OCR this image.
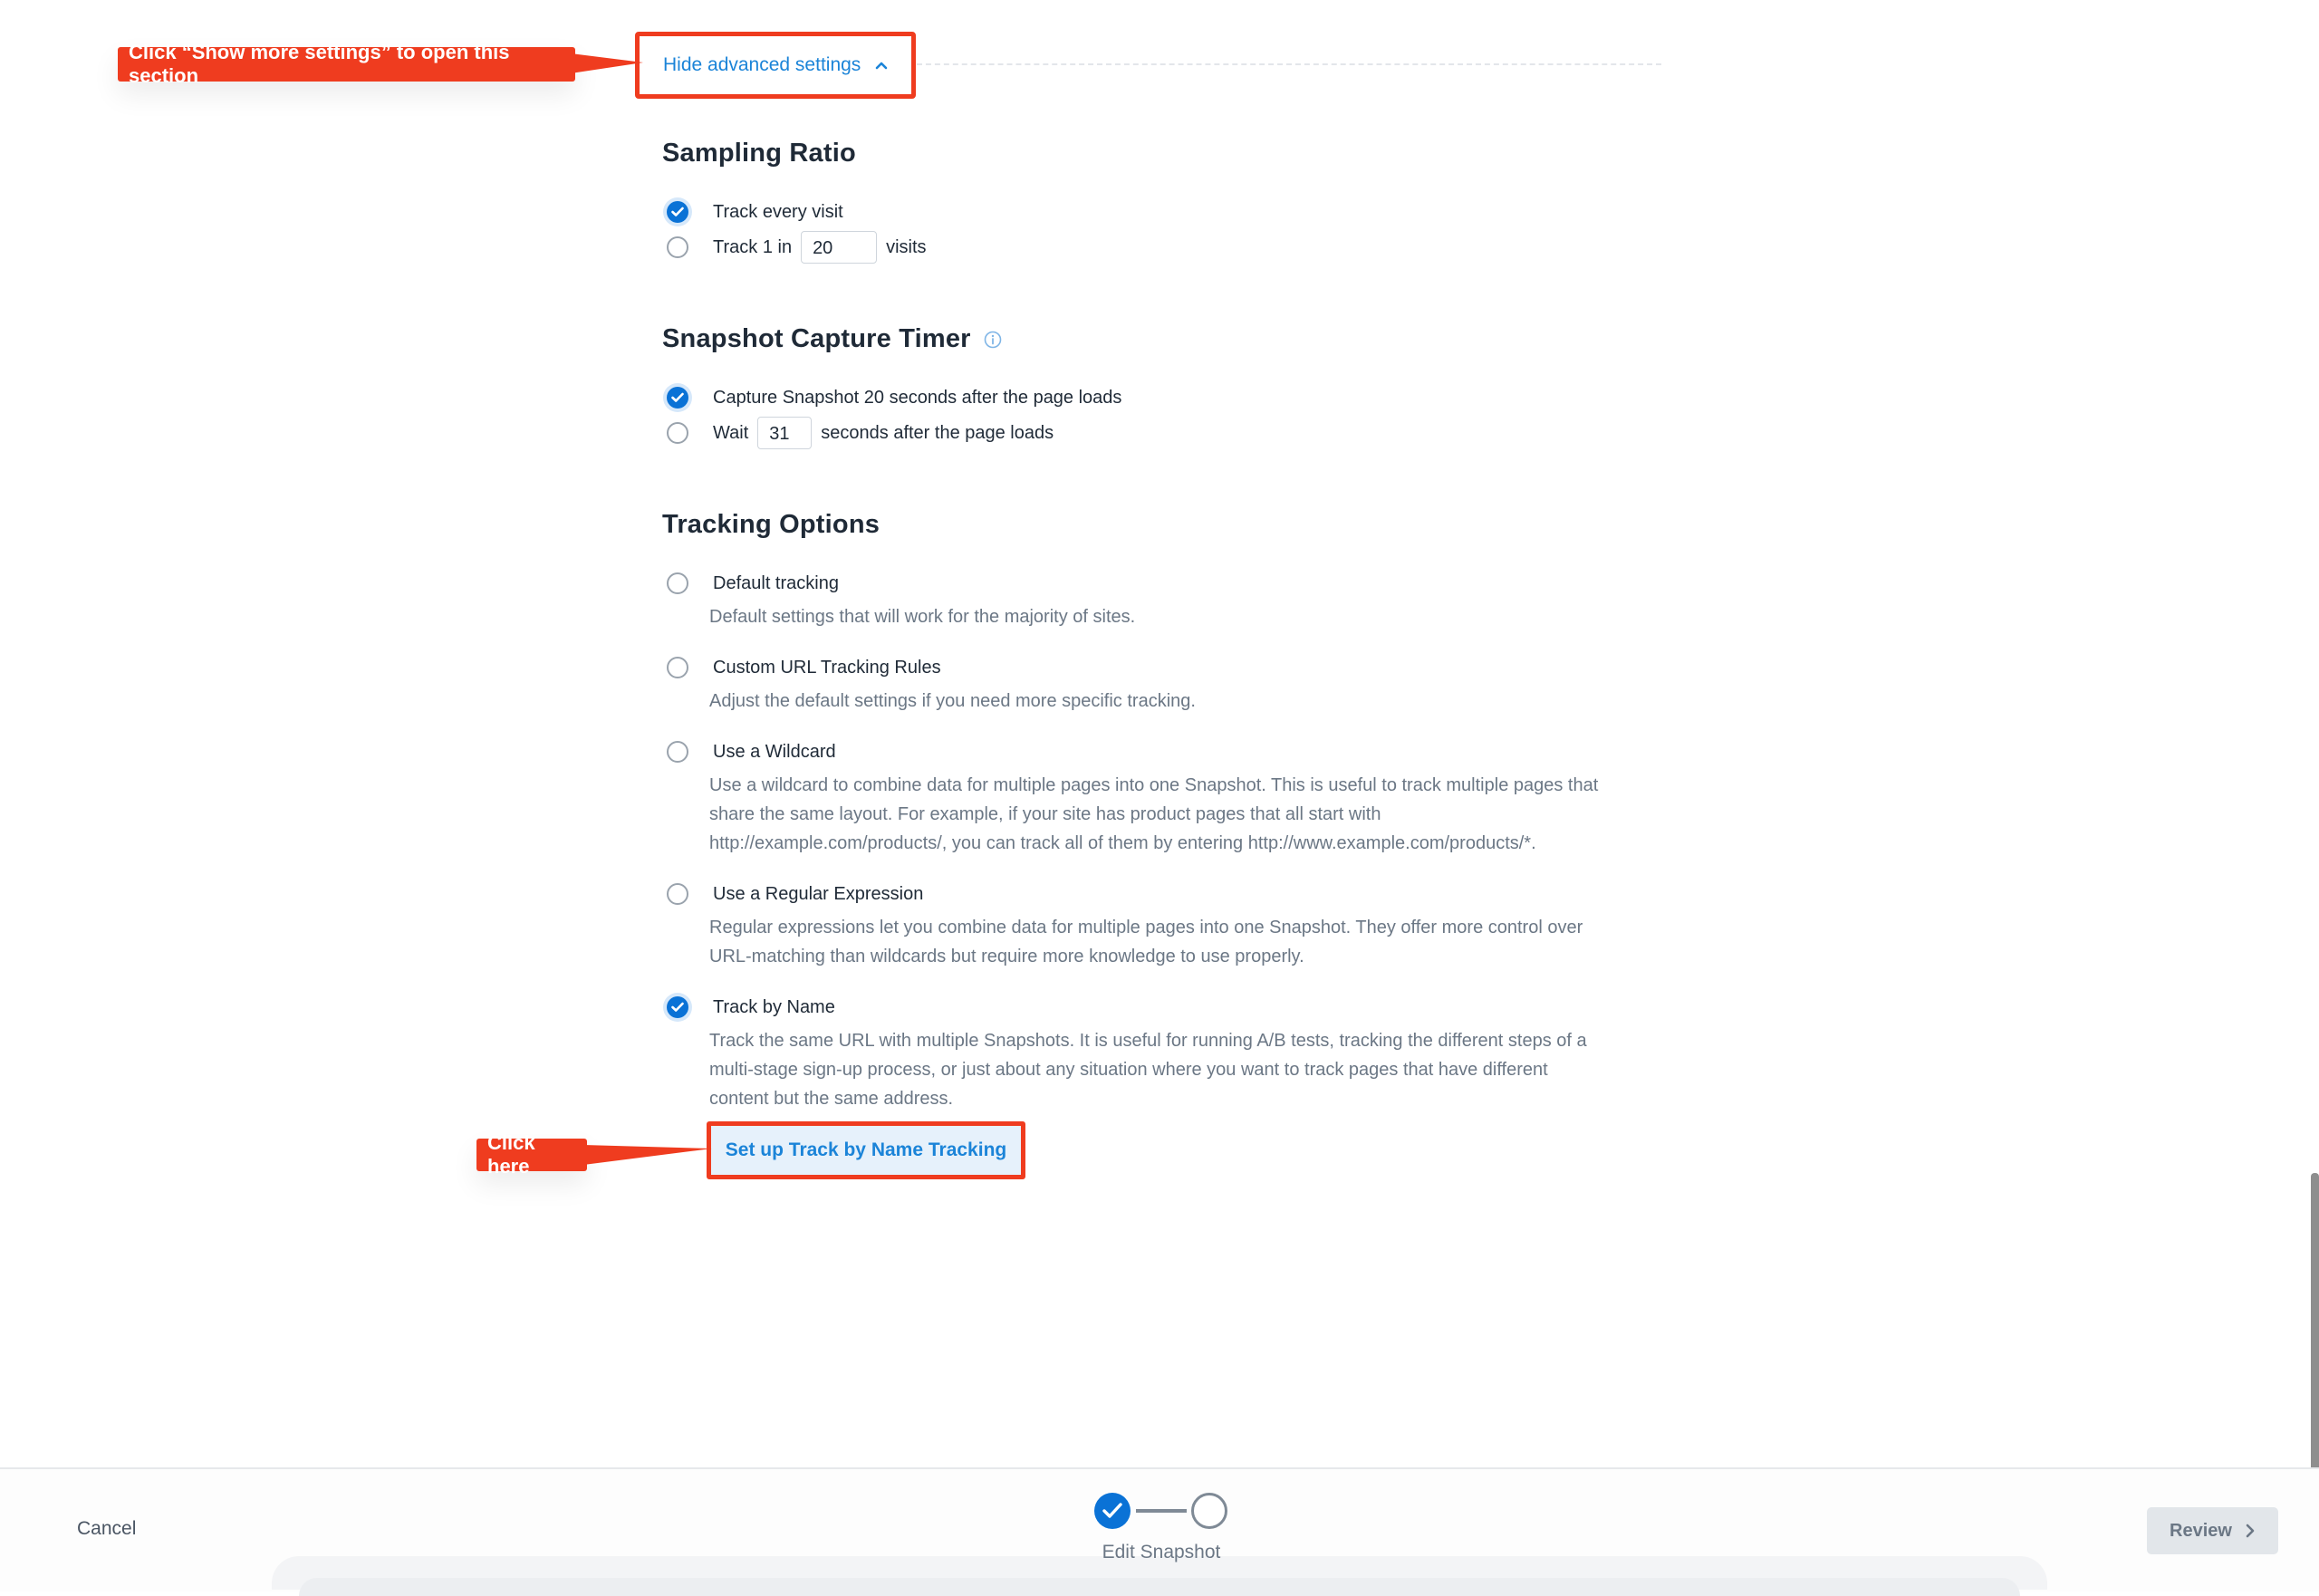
Hide advanced settings
Click “Show more settings” to open this section
Sampling Ratio
Track every visit
Track 1 in	20	visits
Snapshot Capture Timer
Capture Snapshot 20 seconds after the page loads
Wait	31	seconds after the page loads
Tracking Options
Default tracking
Default settings that will work for the majority of sites.
Custom URL Tracking Rules
Adjust the default settings if you need more specific tracking.
Use a Wildcard
Use a wildcard to combine data for multiple pages into one Snapshot. This is useful to track multiple pages that
share the same layout. For example, if your site has product pages that all start with
http://example.com/products/, you can track all of them by entering http://www.example.com/products/*.
Use a Regular Expression
Regular expressions let you combine data for multiple pages into one Snapshot. They offer more control over
URL-matching than wildcards but require more knowledge to use properly.
Track by Name
Track the same URL with multiple Snapshots. It is useful for running A/B tests, tracking the different steps of a
multi-stage sign-up process, or just about any situation where you want to track pages that have different
content but the same address.
Set up Track by Name Tracking
Click here
Cancel
Edit Snapshot
Review
